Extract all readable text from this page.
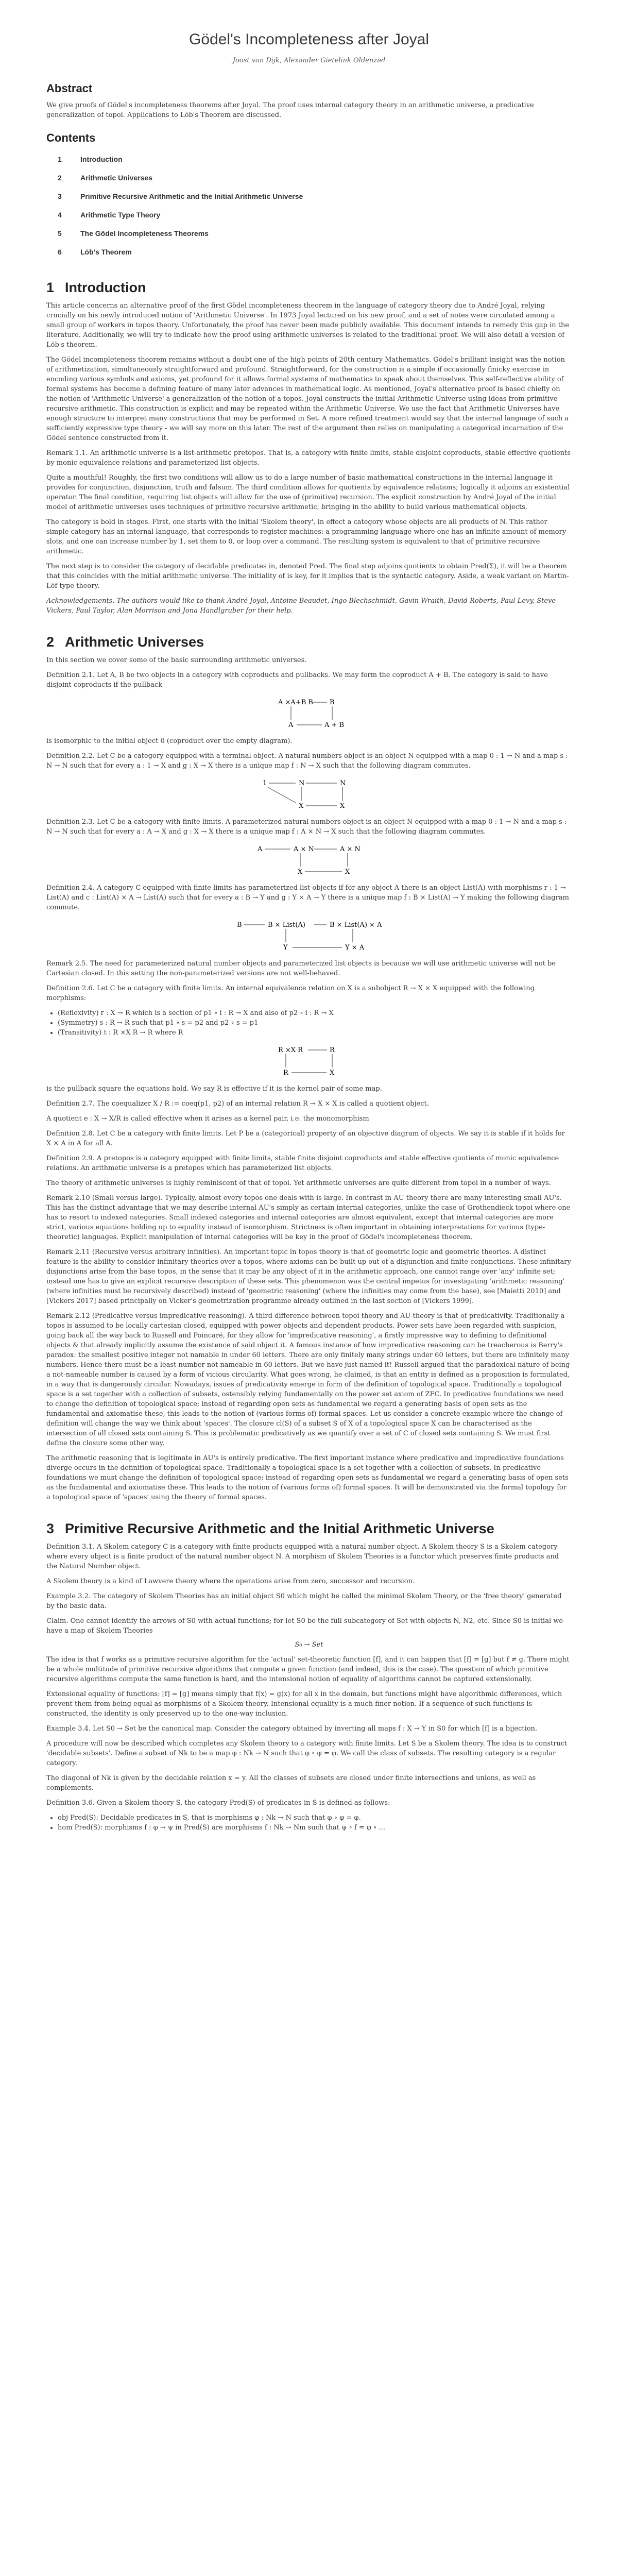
Gödel's Incompleteness after Joyal
Joost van Dijk, Alexander Gietelink Oldenziel
Abstract

We give proofs of Gödel's incompleteness theorems after Joyal. The proof uses internal category theory in an arithmetic universe, a predicative generalization of topoi. Applications to Löb's Theorem are discussed.

Contents
1	Introduction
2	Arithmetic Universes
3	Primitive Recursive Arithmetic and the Initial Arithmetic Universe
4	Arithmetic Type Theory
5	The Gödel Incompleteness Theorems
6	Löb's Theorem
1 Introduction

This article concerns an alternative proof of the first Gödel incompleteness theorem in the language of category theory due to André Joyal, relying crucially on his newly introduced notion of 'Arithmetic Universe'. In 1973 Joyal lectured on his new proof, and a set of notes were circulated among a small group of workers in topos theory. Unfortunately, the proof has never been made publicly available. This document intends to remedy this gap in the literature. Additionally, we will try to indicate how the proof using arithmetic universes is related to the traditional proof. We will also detail a version of Löb's theorem.

The Gödel incompleteness theorem remains without a doubt one of the high points of 20th century Mathematics. Gödel's brilliant insight was the notion of arithmetization, simultaneously straightforward and profound. Straightforward, for the construction is a simple if occasionally finicky exercise in encoding various symbols and axioms, yet profound for it allows formal systems of mathematics to speak about themselves. This self-reflective ability of formal systems has become a defining feature of many later advances in mathematical logic. As mentioned, Joyal's alternative proof is based chiefly on the notion of 'Arithmetic Universe' a generalization of the notion of a topos. Joyal constructs the initial Arithmetic Universe using ideas from primitive recursive arithmetic. This construction is explicit and may be repeated within the Arithmetic Universe. We use the fact that Arithmetic Universes have enough structure to interpret many constructions that may be performed in Set. A more refined treatment would say that the internal language of such a sufficiently expressive type theory - we will say more on this later. The rest of the argument then relies on manipulating a categorical incarnation of the Gödel sentence constructed from it.

Remark 1.1. An arithmetic universe is a list-arithmetic pretopos. That is, a category with finite limits, stable disjoint coproducts, stable effective quotients by monic equivalence relations and parameterized list objects.

Quite a mouthful! Roughly, the first two conditions will allow us to do a large number of basic mathematical constructions in the internal language it provides for conjunction, disjunction, truth and falsum. The third condition allows for quotients by equivalence relations; logically it adjoins an existential operator. The final condition, requiring list objects will allow for the use of (primitive) recursion. The explicit construction by André Joyal of the initial model of arithmetic universes uses techniques of primitive recursive arithmetic, bringing in the ability to build various mathematical objects.

The category is bold in stages. First, one starts with the initial 'Skolem theory', in effect a category whose objects are all products of N. This rather simple category has an internal language, that corresponds to register machines: a programming language where one has an infinite amount of memory slots, and one can increase number by 1, set them to 0, or loop over a command. The resulting system is equivalent to that of primitive recursive arithmetic.

The next step is to consider the category of decidable predicates in, denoted Pred. The final step adjoins quotients to obtain Pred(Σ), it will be a theorem that this coincides with the initial arithmetic universe. The initiality of is key, for it implies that is the syntactic category. Aside, a weak variant on Martin-Löf type theory.

Acknowledgements. The authors would like to thank André Joyal, Antoine Beaudet, Ingo Blechschmidt, Gavin Wraith, David Roberts, Paul Levy, Steve Vickers, Paul Taylor, Alan Morrison and Jona Handlgruber for their help.

2 Arithmetic Universes

In this section we cover some of the basic surrounding arithmetic universes.

Definition 2.1. Let A, B be two objects in a category with coproducts and pullbacks. We may form the coproduct A + B. The category is said to have disjoint coproducts if the pullback

A ×A+B B B
A	A + B

is isomorphic to the initial object 0 (coproduct over the empty diagram).

Definition 2.2. Let C be a category equipped with a terminal object. A natural numbers object is an object N equipped with a map 0 : 1 → N and a map s : N → N such that for every a : 1 → X and g : X → X there is a unique map f : N → X such that the following diagram commutes.

1	N	N
X	X

Definition 2.3. Let C be a category with finite limits. A parameterized natural numbers object is an object N equipped with a map 0 : 1 → N and a map s : N → N such that for every a : A → X and g : X → X there is a unique map f : A × N → X such that the following diagram commutes.

A	A × N	A × N
X	X

Definition 2.4. A category C equipped with finite limits has parameterized list objects if for any object A there is an object List(A) with morphisms r : 1 → List(A) and c : List(A) × A → List(A) such that for every a : B → Y and g : Y × A → Y there is a unique map f : B × List(A) → Y making the following diagram commute.

B	B × List(A)	B × List(A) × A
Y	Y × A

Remark 2.5. The need for parameterized natural number objects and parameterized list objects is because we will use arithmetic universe will not be Cartesian closed. In this setting the non-parameterized versions are not well-behaved.

Definition 2.6. Let C be a category with finite limits. An internal equivalence relation on X is a subobject R → X × X equipped with the following morphisms:

• (Reflexivity) r : X → R which is a section of p1 ∘ i : R → X and also of p2 ∘ i : R → X
• (Symmetry) s : R → R such that p1 ∘ s = p2 and p2 ∘ s = p1
• (Transitivity) t : R ×X R → R where R
R ×X R	R
R	X

is the pullback square the equations hold. We say R is effective if it is the kernel pair of some map.

Definition 2.7. The coequalizer X / R := coeq(p1, p2) of an internal relation R → X × X is called a quotient object.

A quotient e : X → X/R is called effective when it arises as a kernel pair, i.e. the monomorphism

Definition 2.8. Let C be a category with finite limits. Let P be a (categorical) property of an objective diagram of objects. We say it is stable if it holds for X × A in A for all A.

Definition 2.9. A pretopos is a category equipped with finite limits, stable finite disjoint coproducts and stable effective quotients of monic equivalence relations. An arithmetic universe is a pretopos which has parameterized list objects.

The theory of arithmetic universes is highly reminiscent of that of topoi. Yet arithmetic universes are quite different from topoi in a number of ways.

Remark 2.10 (Small versus large). Typically, almost every topos one deals with is large. In contrast in AU theory there are many interesting small AU's. This has the distinct advantage that we may describe internal AU's simply as certain internal categories, unlike the case of Grothendieck topoi where one has to resort to indexed categories. Small indexed categories and internal categories are almost equivalent, except that internal categories are more strict, various equations holding up to equality instead of isomorphism. Strictness is often important in obtaining interpretations for various (type-theoretic) languages. Explicit manipulation of internal categories will be key in the proof of Gödel's incompleteness theorem.

Remark 2.11 (Recursive versus arbitrary infinities). An important topic in topos theory is that of geometric logic and geometric theories. A distinct feature is the ability to consider infinitary theories over a topos, where axioms can be built up out of a disjunction and finite conjunctions. These infinitary disjunctions arise from the base topos, in the sense that it may be any object of it in the arithmetic approach, one cannot range over 'any' infinite set; instead one has to give an explicit recursive description of these sets. This phenomenon was the central impetus for investigating 'arithmetic reasoning' (where infinities must be recursively described) instead of 'geometric reasoning' (where the infinities may come from the base), see [Maietti 2010] and [Vickers 2017] based principally on Vicker's geometrization programme already outlined in the last section of [Vickers 1999].

Remark 2.12 (Predicative versus impredicative reasoning). A third difference between topoi theory and AU theory is that of predicativity. Traditionally a topos is assumed to be locally cartesian closed, equipped with power objects and dependent products. Power sets have been regarded with suspicion, going back all the way back to Russell and Poincaré, for they allow for 'impredicative reasoning', a firstly impressive way to defining to definitional objects & that already implicitly assume the existence of said object it. A famous instance of how impredicative reasoning can be treacherous is Berry's paradox: the smallest positive integer not namable in under 60 letters. There are only finitely many strings under 60 letters, but there are infinitely many numbers. Hence there must be a least number not nameable in 60 letters. But we have just named it! Russell argued that the paradoxical nature of being a not-nameable number is caused by a form of vicious circularity. What goes wrong, he claimed, is that an entity is defined as a proposition is formulated, in a way that is dangerously circular. Nowadays, issues of predicativity emerge in form of the definition of topological space. Traditionally a topological space is a set together with a collection of subsets, ostensibly relying fundamentally on the power set axiom of ZFC. In predicative foundations we need to change the definition of topological space; instead of regarding open sets as fundamental we regard a generating basis of open sets as the fundamental and axiomatise these, this leads to the notion of (various forms of) formal spaces. Let us consider a concrete example where the change of definition will change the way we think about 'spaces'. The closure cl(S) of a subset S of X of a topological space X can be characterised as the intersection of all closed sets containing S. This is problematic predicatively as we quantify over a set of C of closed sets containing S. We must first define the closure some other way.

The arithmetic reasoning that is legitimate in AU's is entirely predicative. The first important instance where predicative and impredicative foundations diverge occurs in the definition of topological space. Traditionally a topological space is a set together with a collection of subsets. In predicative foundations we must change the definition of topological space; instead of regarding open sets as fundamental we regard a generating basis of open sets as the fundamental and axiomatise these. This leads to the notion of (various forms of) formal spaces. It will be demonstrated via the formal topology for a topological space of 'spaces' using the theory of formal spaces.

3 Primitive Recursive Arithmetic and the Initial Arithmetic Universe

Definition 3.1. A Skolem category C is a category with finite products equipped with a natural number object. A Skolem theory S is a Skolem category where every object is a finite product of the natural number object N. A morphism of Skolem Theories is a functor which preserves finite products and the Natural Number object.

A Skolem theory is a kind of Lawvere theory where the operations arise from zero, successor and recursion.

Example 3.2. The category of Skolem Theories has an initial object S0 which might be called the minimal Skolem Theory, or the 'free theory' generated by the basic data.

Claim. One cannot identify the arrows of S0 with actual functions; for let S0 be the full subcategory of Set with objects N, N2, etc. Since S0 is initial we have a map of Skolem Theories

S₀ → Set

The idea is that f works as a primitive recursive algorithm for the 'actual' set-theoretic function [f], and it can happen that [f] = [g] but f ≠ g. There might be a whole multitude of primitive recursive algorithms that compute a given function (and indeed, this is the case). The question of which primitive recursive algorithms compute the same function is hard, and the intensional notion of equality of algorithms cannot be captured extensionally.

Extensional equality of functions: [f] = [g] means simply that f(x) = g(x) for all x in the domain, but functions might have algorithmic differences, which prevent them from being equal as morphisms of a Skolem theory. Intensional equality is a much finer notion. If a sequence of such functions is constructed, the identity is only preserved up to the one-way inclusion.

Example 3.4. Let S0 → Set be the canonical map. Consider the category obtained by inverting all maps f : X → Y in S0 for which [f] is a bijection.

A procedure will now be described which completes any Skolem theory to a category with finite limits. Let S be a Skolem theory. The idea is to construct 'decidable subsets'. Define a subset of Nk to be a map φ : Nk → N such that φ ∘ φ = φ. We call the class of subsets. The resulting category is a regular category.

The diagonal of Nk is given by the decidable relation x = y. All the classes of subsets are closed under finite intersections and unions, as well as complements.

Definition 3.6. Given a Skolem theory S, the category Pred(S) of predicates in S is defined as follows:

• obj Pred(S): Decidable predicates in S, that is morphisms φ : Nk → N such that φ ∘ φ = φ.
• hom Pred(S): morphisms f : φ → ψ in Pred(S) are morphisms f : Nk → Nm such that ψ ∘ f = φ ∘ ...
